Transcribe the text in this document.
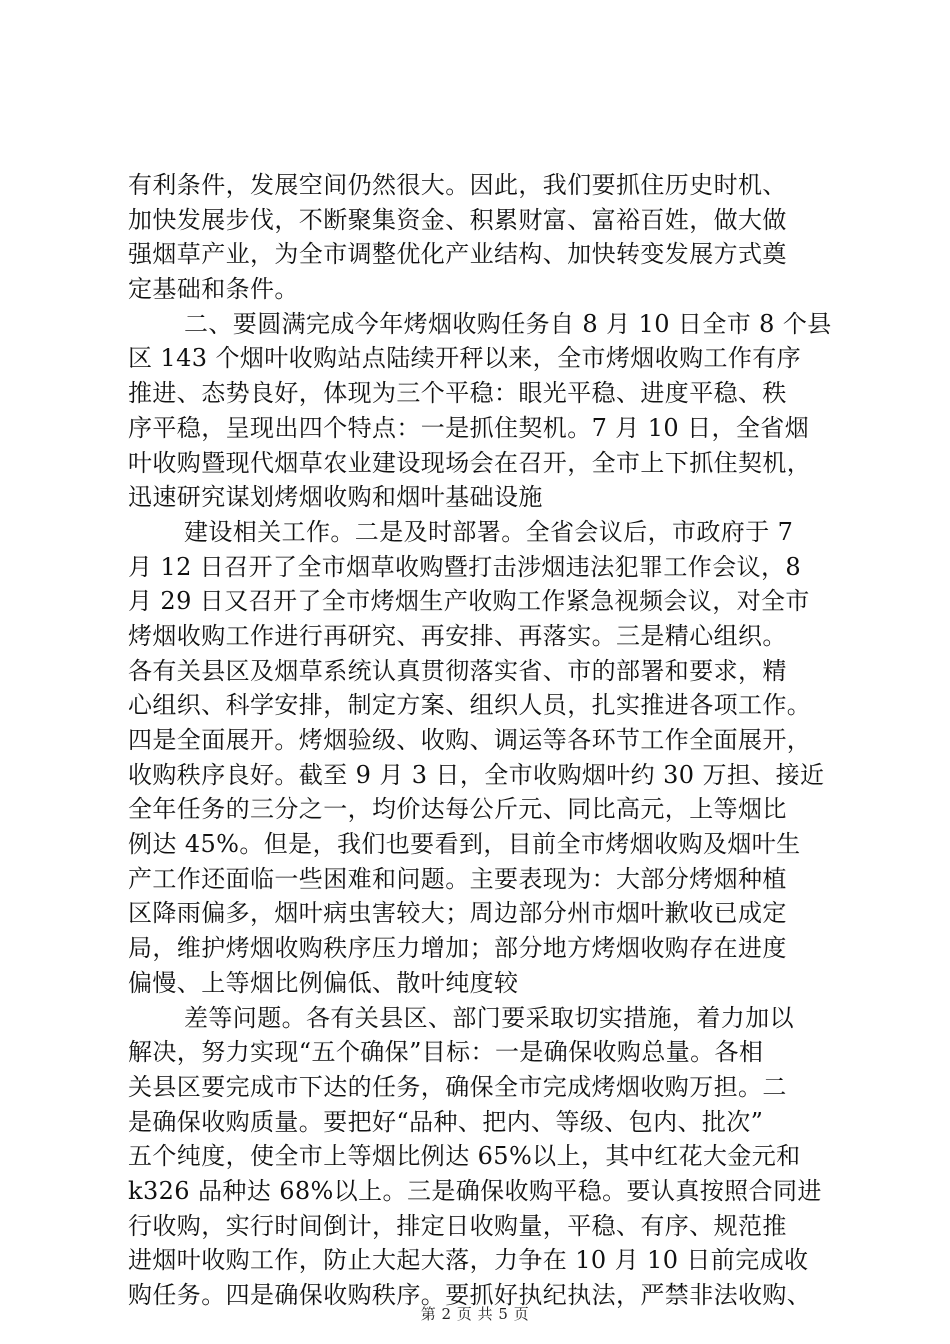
有利条件，发展空间仍然很大。因此，我们要抓住历史时机、
加快发展步伐，不断聚集资金、积累财富、富裕百姓，做大做
强烟草产业，为全市调整优化产业结构、加快转变发展方式奠
定基础和条件。
二、要圆满完成今年烤烟收购任务自 8 月 10 日全市 8 个县
区 143 个烟叶收购站点陆续开秤以来，全市烤烟收购工作有序
推进、态势良好，体现为三个平稳：眼光平稳、进度平稳、秩
序平稳，呈现出四个特点：一是抓住契机。7 月 10 日，全省烟
叶收购暨现代烟草农业建设现场会在召开，全市上下抓住契机，
迅速研究谋划烤烟收购和烟叶基础设施
建设相关工作。二是及时部署。全省会议后，市政府于 7
月 12 日召开了全市烟草收购暨打击涉烟违法犯罪工作会议，8
月 29 日又召开了全市烤烟生产收购工作紧急视频会议，对全市
烤烟收购工作进行再研究、再安排、再落实。三是精心组织。
各有关县区及烟草系统认真贯彻落实省、市的部署和要求，精
心组织、科学安排，制定方案、组织人员，扎实推进各项工作。
四是全面展开。烤烟验级、收购、调运等各环节工作全面展开，
收购秩序良好。截至 9 月 3 日，全市收购烟叶约 30 万担、接近
全年任务的三分之一，均价达每公斤元、同比高元，上等烟比
例达 45%。但是，我们也要看到，目前全市烤烟收购及烟叶生
产工作还面临一些困难和问题。主要表现为：大部分烤烟种植
区降雨偏多，烟叶病虫害较大；周边部分州市烟叶歉收已成定
局，维护烤烟收购秩序压力增加；部分地方烤烟收购存在进度
偏慢、上等烟比例偏低、散叶纯度较
差等问题。各有关县区、部门要采取切实措施，着力加以
解决，努力实现“五个确保”目标：一是确保收购总量。各相
关县区要完成市下达的任务，确保全市完成烤烟收购万担。二
是确保收购质量。要把好“品种、把内、等级、包内、批次”
五个纯度，使全市上等烟比例达 65%以上，其中红花大金元和
k326 品种达 68%以上。三是确保收购平稳。要认真按照合同进
行收购，实行时间倒计，排定日收购量，平稳、有序、规范推
进烟叶收购工作，防止大起大落，力争在 10 月 10 日前完成收
购任务。四是确保收购秩序。要抓好执纪执法，严禁非法收购、
第 2 页 共 5 页
